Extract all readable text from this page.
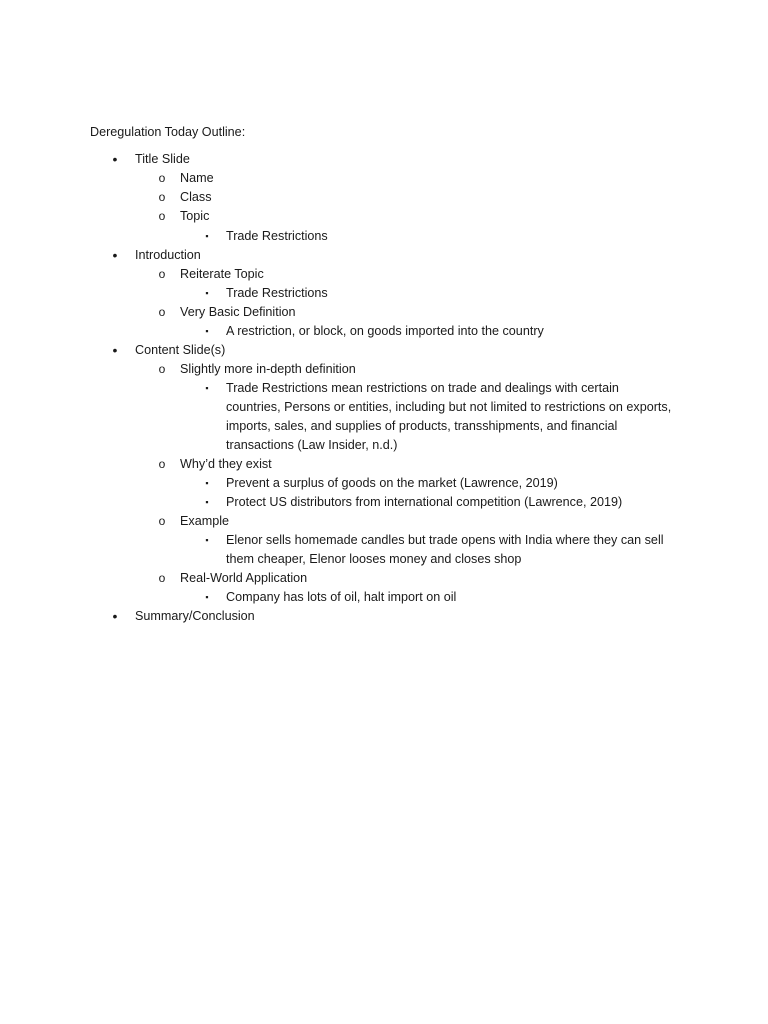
Deregulation Today Outline:
•	Title Slide
o Name
o Class
o Topic
▪	Trade Restrictions
•	Introduction
o Reiterate Topic
▪	Trade Restrictions
o Very Basic Definition
▪	A restriction, or block, on goods imported into the country
•	Content Slide(s)
o Slightly more in-depth definition
▪	Trade Restrictions mean restrictions on trade and dealings with certain countries, Persons or entities, including but not limited to restrictions on exports, imports, sales, and supplies of products, transshipments, and financial transactions (Law Insider, n.d.)
o Why’d they exist
▪	Prevent a surplus of goods on the market (Lawrence, 2019)
▪	Protect US distributors from international competition (Lawrence, 2019)
o Example
▪	Elenor sells homemade candles but trade opens with India where they can sell them cheaper, Elenor looses money and closes shop
o Real-World Application
▪	Company has lots of oil, halt import on oil
•	Summary/Conclusion
